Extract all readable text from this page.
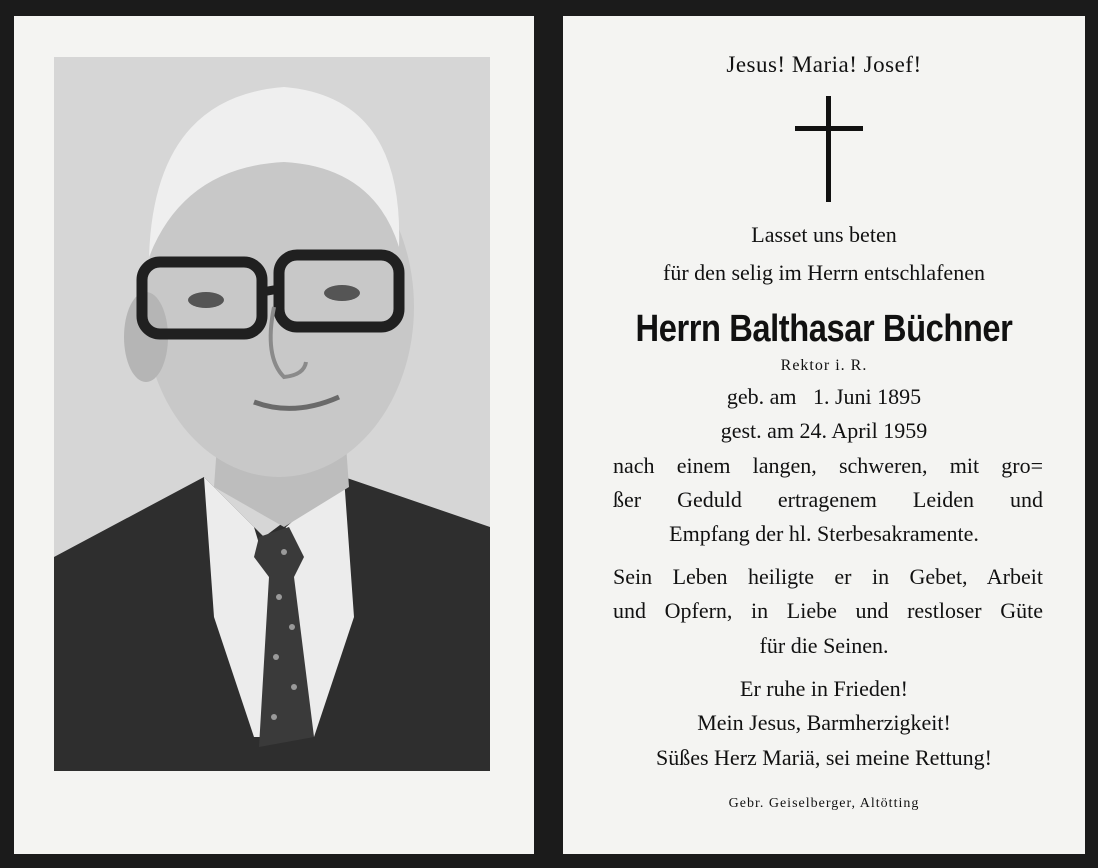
Jesus! Maria! Josef!
Lasset uns beten
für den selig im Herrn entschlafenen
Herrn Balthasar Büchner
Rektor i. R.
geb. am   1. Juni 1895
gest. am 24. April 1959
nach einem langen, schweren, mit gro=
ßer Geduld ertragenem Leiden und
Empfang der hl. Sterbesakramente.
Sein Leben heiligte er in Gebet, Arbeit
und Opfern, in Liebe und restloser Güte
für die Seinen.
Er ruhe in Frieden!
Mein Jesus, Barmherzigkeit!
Süßes Herz Mariä, sei meine Rettung!
Gebr. Geiselberger, Altötting
